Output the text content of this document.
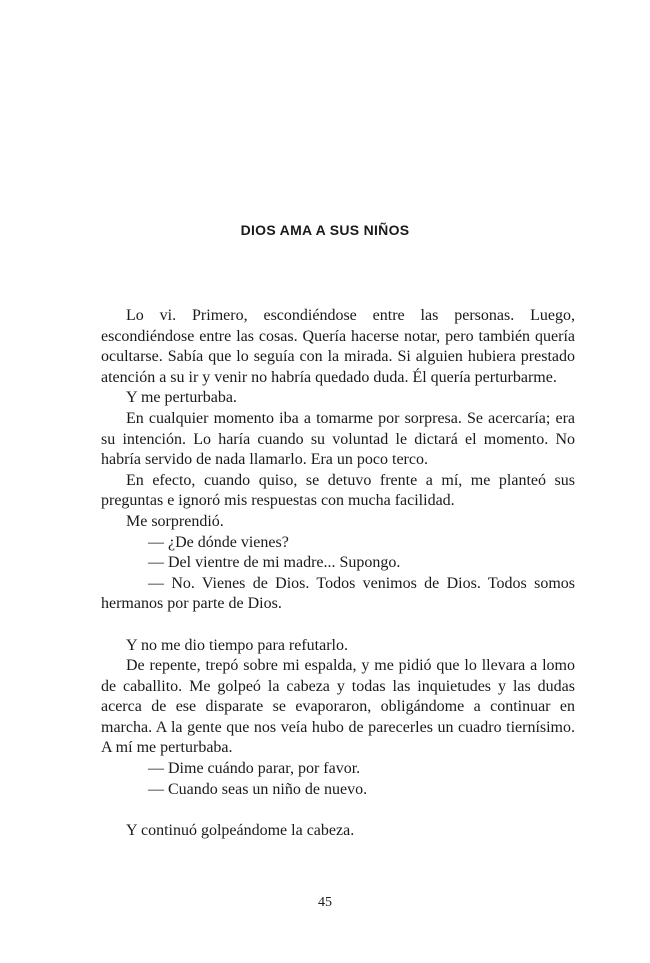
DIOS AMA A SUS NIÑOS

Lo vi. Primero, escondiéndose entre las personas. Luego, escondiéndose entre las cosas. Quería hacerse notar, pero también quería ocultarse. Sabía que lo seguía con la mirada. Si alguien hubiera prestado atención a su ir y venir no habría quedado duda. Él quería perturbarme.

Y me perturbaba.

En cualquier momento iba a tomarme por sorpresa. Se acercaría; era su intención. Lo haría cuando su voluntad le dictará el momento. No habría servido de nada llamarlo. Era un poco terco.

En efecto, cuando quiso, se detuvo frente a mí, me planteó sus preguntas e ignoró mis respuestas con mucha facilidad.

Me sorprendió.

— ¿De dónde vienes?

— Del vientre de mi madre... Supongo.

— No. Vienes de Dios. Todos venimos de Dios. Todos somos hermanos por parte de Dios.

Y no me dio tiempo para refutarlo.

De repente, trepó sobre mi espalda, y me pidió que lo llevara a lomo de caballito. Me golpeó la cabeza y todas las inquietudes y las dudas acerca de ese disparate se evaporaron, obligándome a continuar en marcha. A la gente que nos veía hubo de parecerles un cuadro tiernísimo. A mí me perturbaba.

— Dime cuándo parar, por favor.

— Cuando seas un niño de nuevo.

Y continuó golpeándome la cabeza.

45
